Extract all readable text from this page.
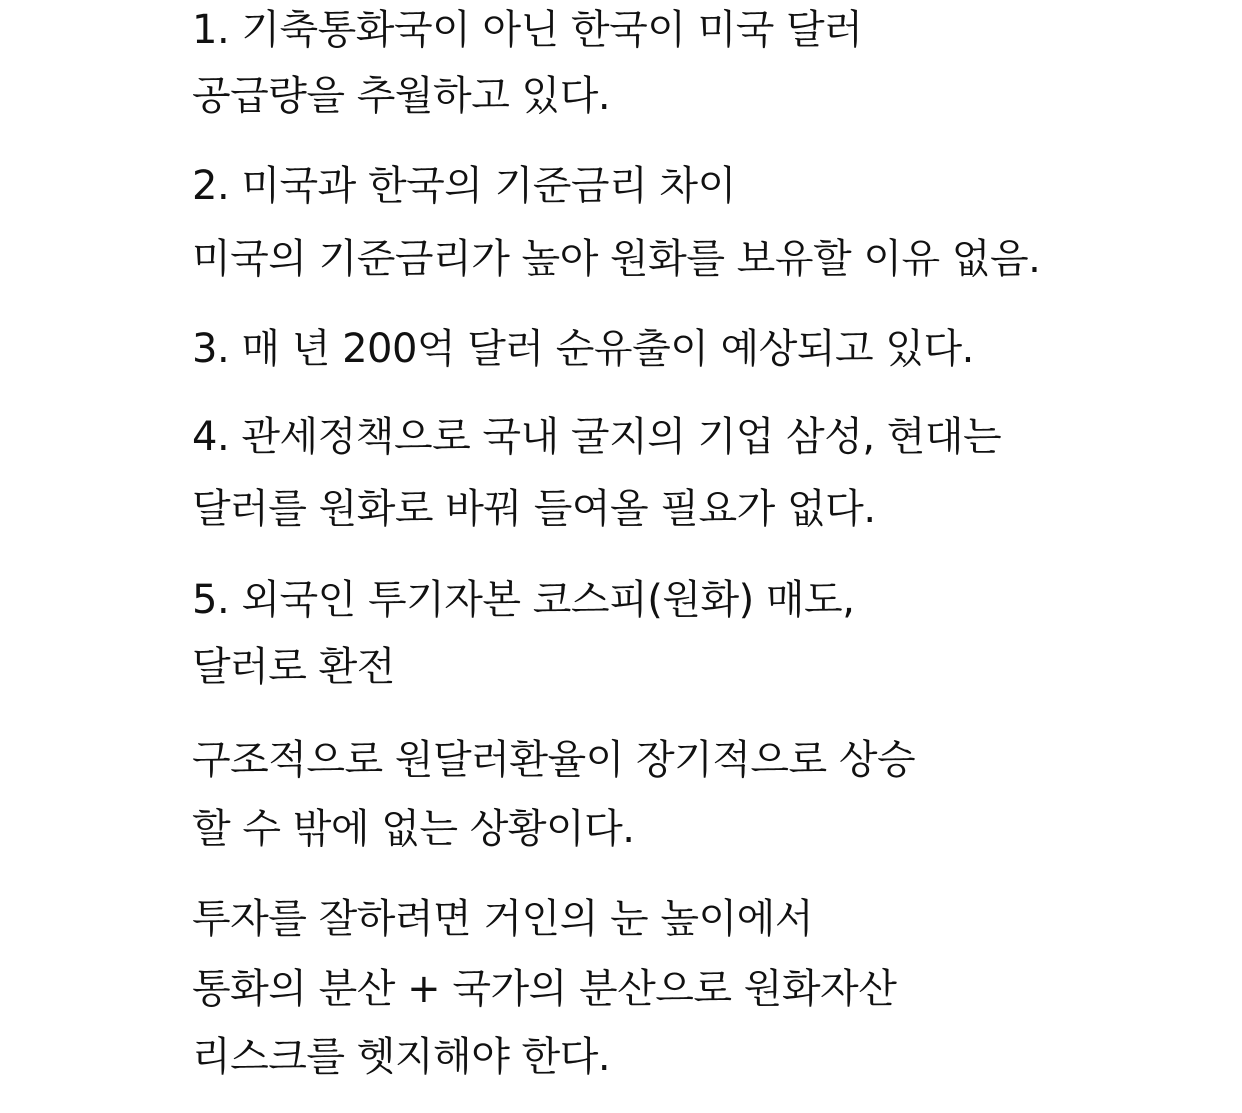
1. 기축통화국이 아닌 한국이 미국 달러
공급량을 추월하고 있다.
2. 미국과 한국의 기준금리 차이
미국의 기준금리가 높아 원화를 보유할 이유 없음.
3. 매 년 200억 달러 순유출이 예상되고 있다.
4. 관세정책으로 국내 굴지의 기업 삼성, 현대는
달러를 원화로 바꿔 들여올 필요가 없다.
5. 외국인 투기자본 코스피(원화) 매도,
달러로 환전
구조적으로 원달러환율이 장기적으로 상승
할 수 밖에 없는 상황이다.
투자를 잘하려면 거인의 눈 높이에서
통화의 분산 + 국가의 분산으로 원화자산
리스크를 헷지해야 한다.
